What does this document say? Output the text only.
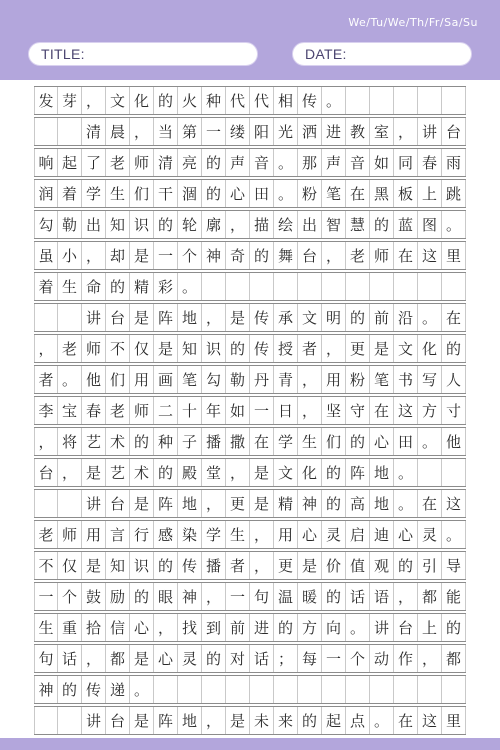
We/Tu/We/Th/Fr/Sa/Su
TITLE:	DATE:
发 芽 ， 文 化 的 火 种 代 代 相 传 。
清 晨 ， 当 第 一 缕 阳 光 洒 进 教 室 ， 讲 台
响 起 了 老 师 清 亮 的 声 音 。 那 声 音 如 同 春 雨
润 着 学 生 们 干 涸 的 心 田 。 粉 笔 在 黑 板 上 跳
勾 勒 出 知 识 的 轮 廓 ， 描 绘 出 智 慧 的 蓝 图 。
虽 小 ， 却 是 一 个 神 奇 的 舞 台 ， 老 师 在 这 里
着 生 命 的 精 彩 。
讲 台 是 阵 地 ， 是 传 承 文 明 的 前 沿 。 在
， 老 师 不 仅 是 知 识 的 传 授 者 ， 更 是 文 化 的
者 。 他 们 用 画 笔 勾 勒 丹 青 ， 用 粉 笔 书 写 人
李 宝 春 老 师 二 十 年 如 一 日 ， 坚 守 在 这 方 寸
， 将 艺 术 的 种 子 播 撒 在 学 生 们 的 心 田 。 他
台 ， 是 艺 术 的 殿 堂 ， 是 文 化 的 阵 地 。
讲 台 是 阵 地 ， 更 是 精 神 的 高 地 。 在 这
老 师 用 言 行 感 染 学 生 ， 用 心 灵 启 迪 心 灵 。
不 仅 是 知 识 的 传 播 者 ， 更 是 价 值 观 的 引 导
一 个 鼓 励 的 眼 神 ， 一 句 温 暖 的 话 语 ， 都 能
生 重 拾 信 心 ， 找 到 前 进 的 方 向 。 讲 台 上 的
句 话 ， 都 是 心 灵 的 对 话 ； 每 一 个 动 作 ， 都
神 的 传 递 。
讲 台 是 阵 地 ， 是 未 来 的 起 点 。 在 这 里
